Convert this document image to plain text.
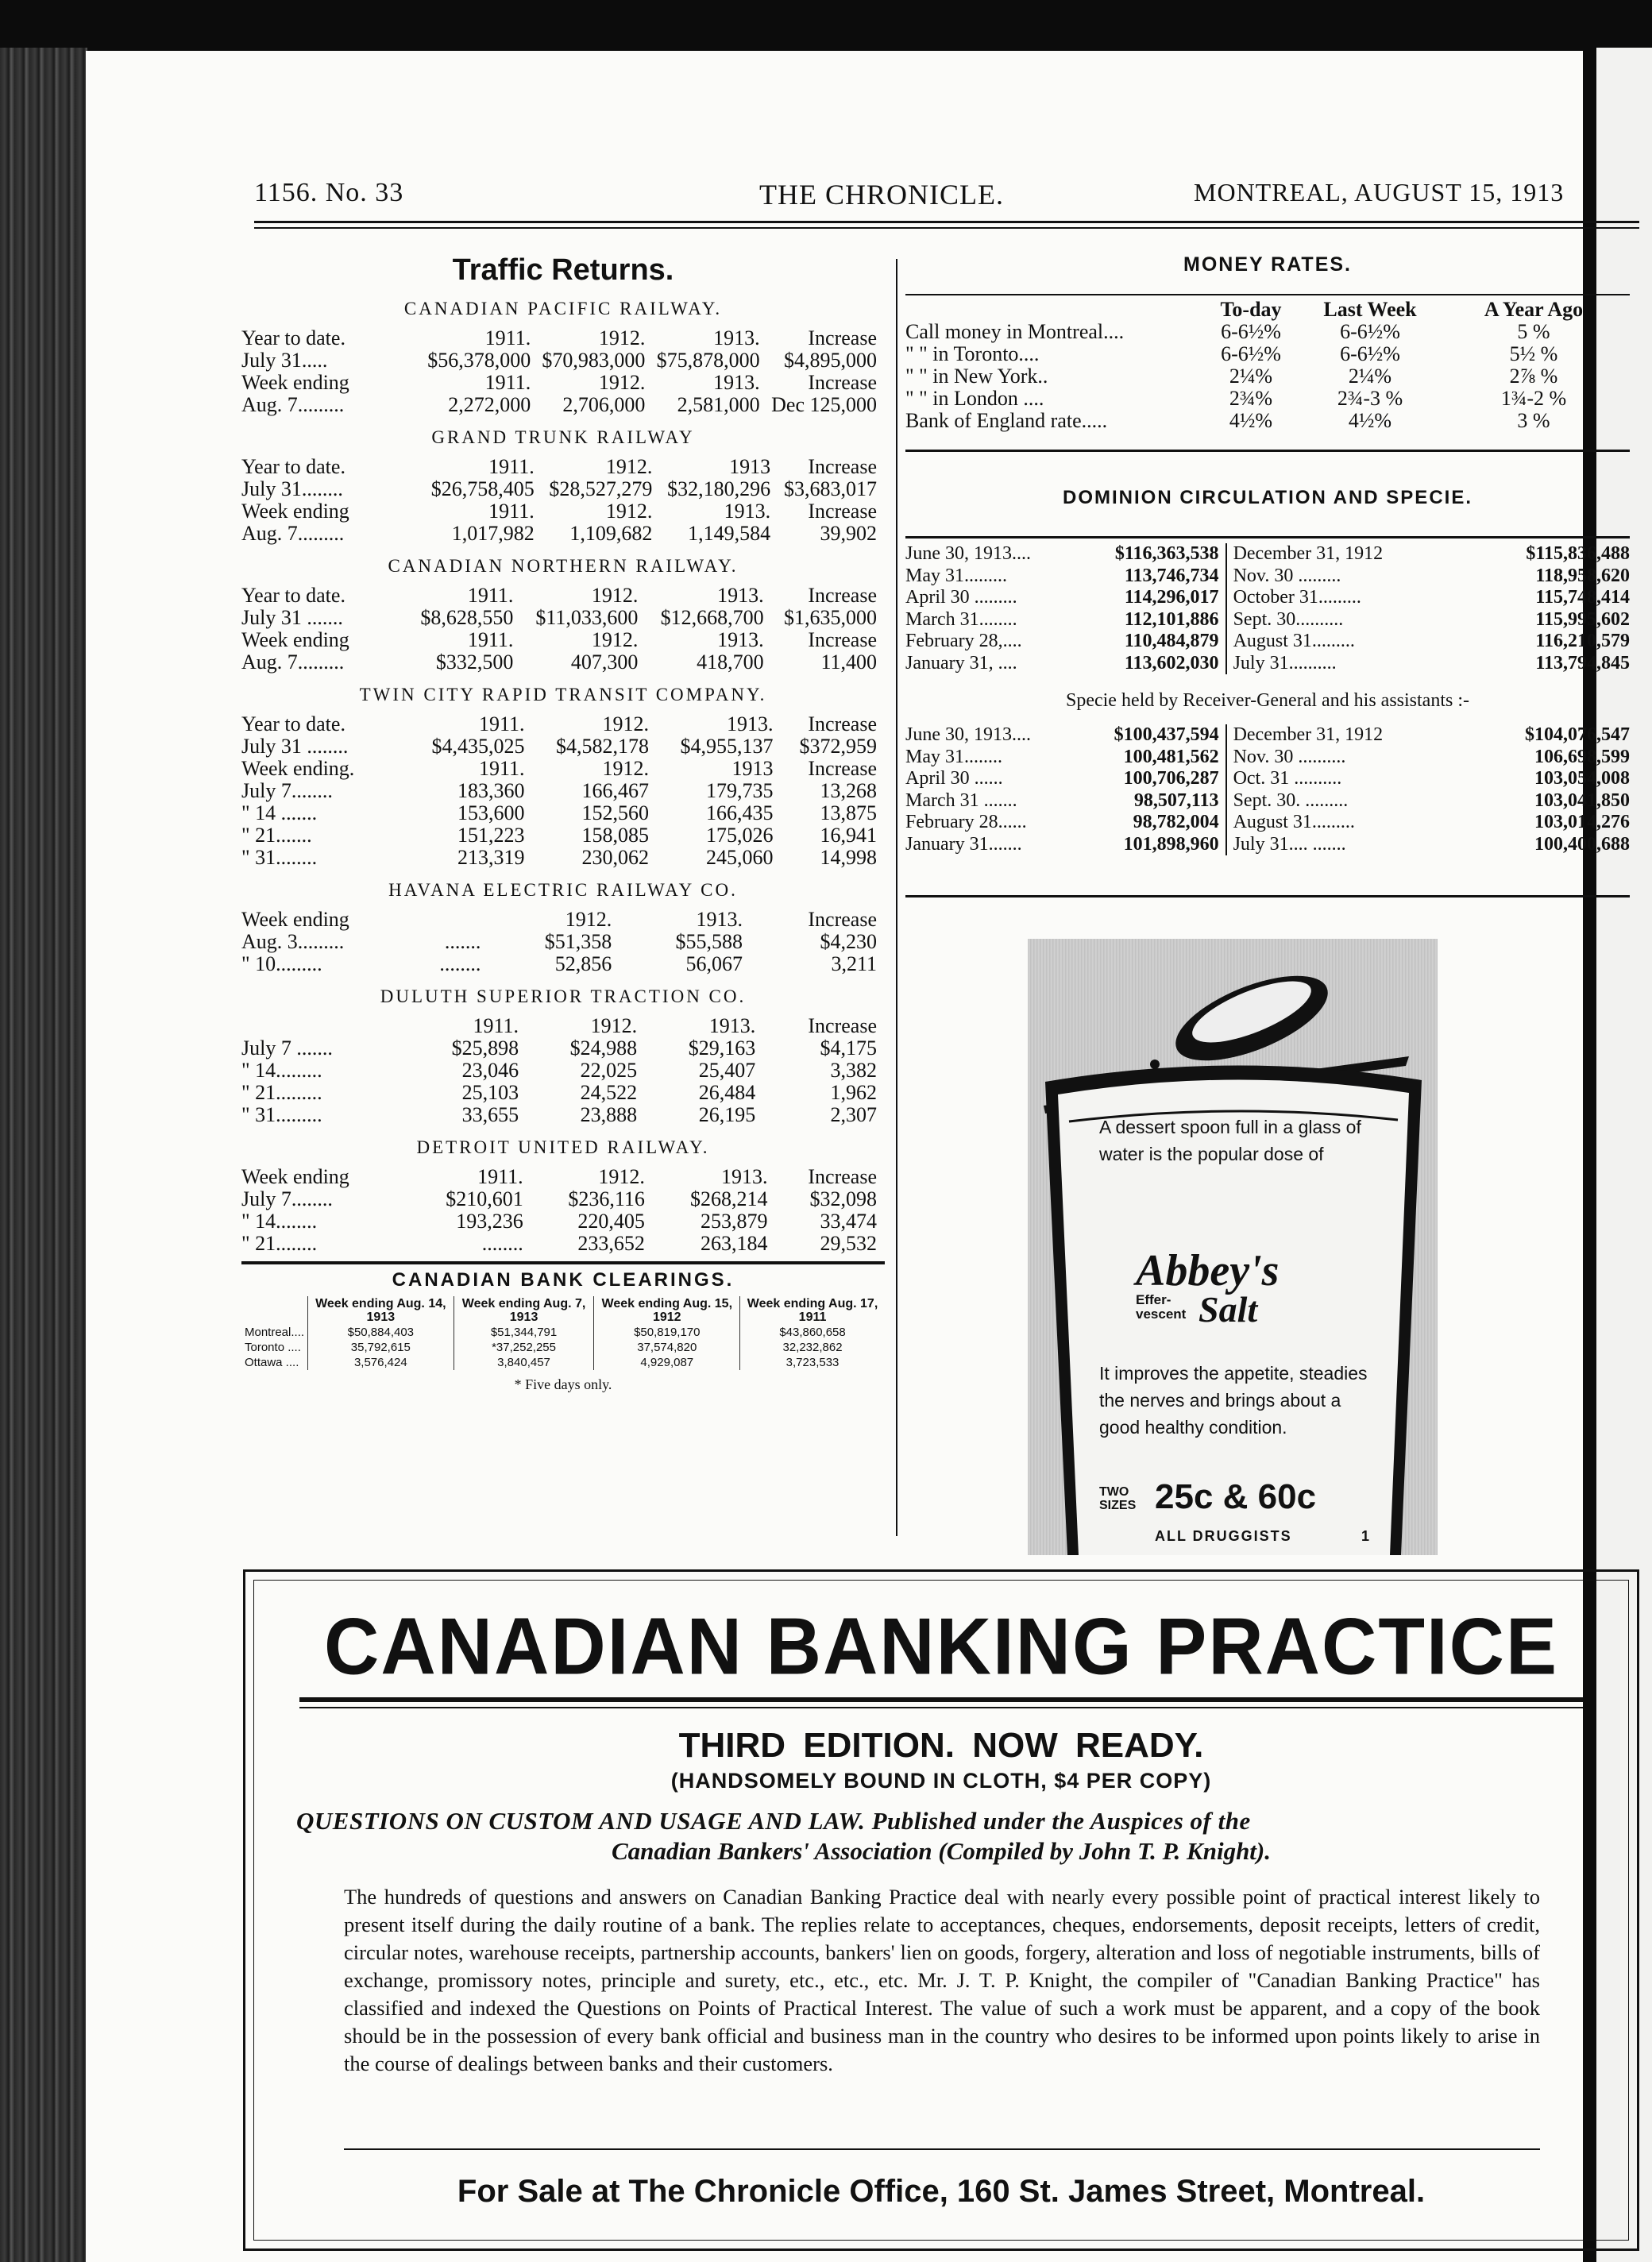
1156. No. 33	THE CHRONICLE.	MONTREAL, AUGUST 15, 1913
Traffic Returns.
CANADIAN PACIFIC RAILWAY.
Year to date.	1911.	1912.	1913.	Increase
July 31.....	$56,378,000	$70,983,000	$75,878,000	$4,895,000
Week ending	1911.	1912.	1913.	Increase
Aug. 7.........	2,272,000	2,706,000	2,581,000	Dec 125,000
GRAND TRUNK RAILWAY
Year to date.	1911.	1912.	1913	Increase
July 31........	$26,758,405	$28,527,279	$32,180,296	$3,683,017
Week ending	1911.	1912.	1913.	Increase
Aug. 7.........	1,017,982	1,109,682	1,149,584	39,902
CANADIAN NORTHERN RAILWAY.
Year to date.	1911.	1912.	1913.	Increase
July 31 .......	$8,628,550	$11,033,600	$12,668,700	$1,635,000
Week ending	1911.	1912.	1913.	Increase
Aug. 7.........	$332,500	407,300	418,700	11,400
TWIN CITY RAPID TRANSIT COMPANY.
Year to date.	1911.	1912.	1913.	Increase
July 31 ........	$4,435,025	$4,582,178	$4,955,137	$372,959
Week ending.	1911.	1912.	1913	Increase
July 7........	183,360	166,467	179,735	13,268
" 14 .......	153,600	152,560	166,435	13,875
" 21.......	151,223	158,085	175,026	16,941
" 31........	213,319	230,062	245,060	14,998
HAVANA ELECTRIC RAILWAY CO.
Week ending		1912.	1913.	Increase
Aug. 3.........	.......	$51,358	$55,588	$4,230
" 10.........	........	52,856	56,067	3,211
DULUTH SUPERIOR TRACTION CO.
	1911.	1912.	1913.	Increase
July 7 .......	$25,898	$24,988	$29,163	$4,175
" 14.........	23,046	22,025	25,407	3,382
" 21.........	25,103	24,522	26,484	1,962
" 31.........	33,655	23,888	26,195	2,307
DETROIT UNITED RAILWAY.
Week ending	1911.	1912.	1913.	Increase
July 7........	$210,601	$236,116	$268,214	$32,098
" 14........	193,236	220,405	253,879	33,474
" 21........	........	233,652	263,184	29,532
CANADIAN BANK CLEARINGS.
	Week ending Aug. 14, 1913	Week ending Aug. 7, 1913	Week ending Aug. 15, 1912	Week ending Aug. 17, 1911
Montreal....	$50,884,403	$51,344,791	$50,819,170	$43,860,658
Toronto ....	35,792,615	*37,252,255	37,574,820	32,232,862
Ottawa ....	3,576,424	3,840,457	4,929,087	3,723,533
* Five days only.
MONEY RATES.
	To-day	Last Week	A Year Ago
Call money in Montreal....	6-6½%	6-6½%	5 %
" " in Toronto....	6-6½%	6-6½%	5½ %
" " in New York..	2¼%	2¼%	2⅞ %
" " in London ....	2¾%	2¾-3 %	1¾-2 %
Bank of England rate.....	4½%	4½%	3 %
DOMINION CIRCULATION AND SPECIE.
June 30, 1913....	$116,363,538
May 31.........	113,746,734
April 30 .........	114,296,017
March 31........	112,101,886
February 28,....	110,484,879
January 31, ....	113,602,030
December 31, 1912	$115,836,488
Nov. 30 .........	118,958,620
October 31.........	115,748,414
Sept. 30..........	115,995,602
August 31.........	116,210,579
July 31..........	113,794,845
Specie held by Receiver-General and his assistants :-
June 30, 1913....	$100,437,594
May 31........	100,481,562
April 30 ......	100,706,287
March 31 .......	98,507,113
February 28......	98,782,004
January 31.......	101,898,960
December 31, 1912	$104,076,547
Nov. 30 ..........	106,698,599
Oct. 31 ..........	103,054,008
Sept. 30. .........	103,041,850
August 31.........	103,014,276
July 31.... .......	100,400,688
A dessert spoon full in a glass of water is the popular dose of
Abbey's
Effer-
vescent Salt
It improves the appetite, steadies the nerves and brings about a good healthy condition.
TWO SIZES 25c & 60c
ALL DRUGGISTS	1
CANADIAN BANKING PRACTICE
THIRD EDITION. NOW READY.
(HANDSOMELY BOUND IN CLOTH, $4 PER COPY)
QUESTIONS ON CUSTOM AND USAGE AND LAW. Published under the Auspices of the
Canadian Bankers' Association (Compiled by John T. P. Knight).
The hundreds of questions and answers on Canadian Banking Practice deal with nearly every possible point of practical interest likely to present itself during the daily routine of a bank. The replies relate to acceptances, cheques, endorsements, deposit receipts, letters of credit, circular notes, warehouse receipts, partnership accounts, bankers' lien on goods, forgery, alteration and loss of negotiable instruments, bills of exchange, promissory notes, principle and surety, etc., etc., etc. Mr. J. T. P. Knight, the compiler of "Canadian Banking Practice" has classified and indexed the Questions on Points of Practical Interest. The value of such a work must be apparent, and a copy of the book should be in the possession of every bank official and business man in the country who desires to be informed upon points likely to arise in the course of dealings between banks and their customers.
For Sale at The Chronicle Office, 160 St. James Street, Montreal.
